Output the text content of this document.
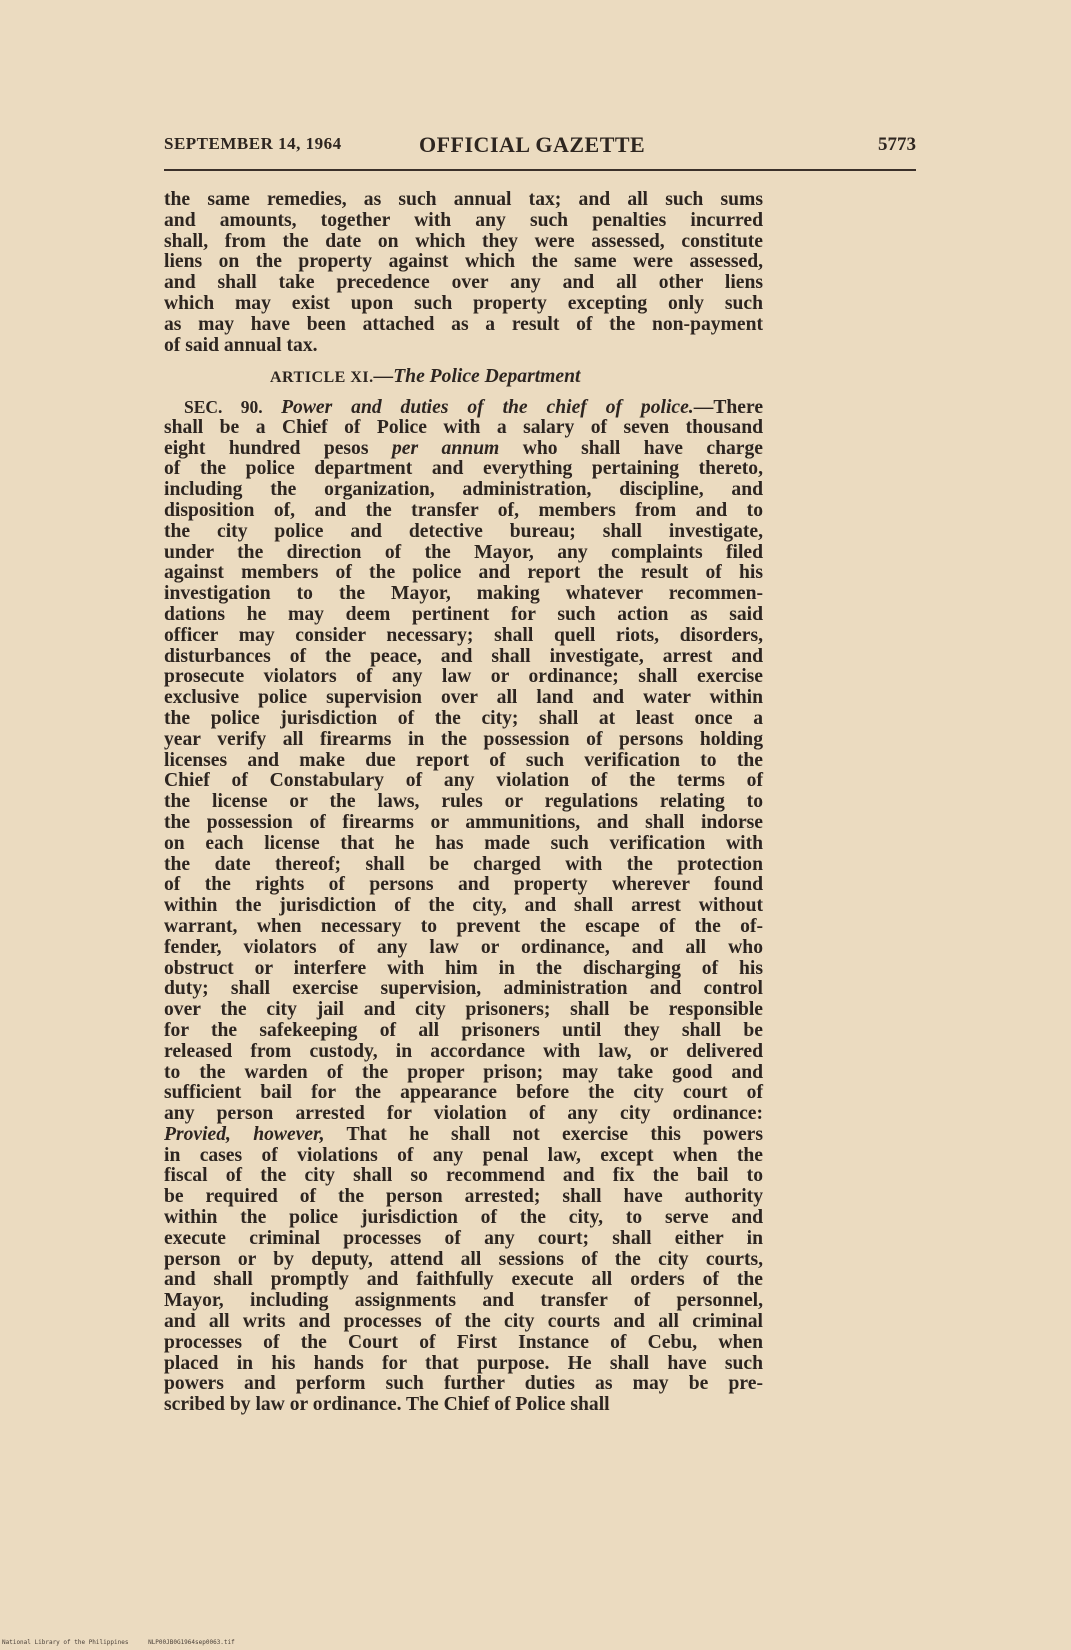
SEPTEMBER 14, 1964	OFFICIAL GAZETTE	5773
the same remedies, as such annual tax; and all such sums
and amounts, together with any such penalties incurred
shall, from the date on which they were assessed, constitute
liens on the property against which the same were assessed,
and shall take precedence over any and all other liens
which may exist upon such property excepting only such
as may have been attached as a result of the non-payment
of said annual tax.
ARTICLE XI.—The Police Department
SEC. 90. Power and duties of the chief of police.—There
shall be a Chief of Police with a salary of seven thousand
eight hundred pesos per annum who shall have charge
of the police department and everything pertaining thereto,
including the organization, administration, discipline, and
disposition of, and the transfer of, members from and to
the city police and detective bureau; shall investigate,
under the direction of the Mayor, any complaints filed
against members of the police and report the result of his
investigation to the Mayor, making whatever recommen-
dations he may deem pertinent for such action as said
officer may consider necessary; shall quell riots, disorders,
disturbances of the peace, and shall investigate, arrest and
prosecute violators of any law or ordinance; shall exercise
exclusive police supervision over all land and water within
the police jurisdiction of the city; shall at least once a
year verify all firearms in the possession of persons holding
licenses and make due report of such verification to the
Chief of Constabulary of any violation of the terms of
the license or the laws, rules or regulations relating to
the possession of firearms or ammunitions, and shall indorse
on each license that he has made such verification with
the date thereof; shall be charged with the protection
of the rights of persons and property wherever found
within the jurisdiction of the city, and shall arrest without
warrant, when necessary to prevent the escape of the of-
fender, violators of any law or ordinance, and all who
obstruct or interfere with him in the discharging of his
duty; shall exercise supervision, administration and control
over the city jail and city prisoners; shall be responsible
for the safekeeping of all prisoners until they shall be
released from custody, in accordance with law, or delivered
to the warden of the proper prison; may take good and
sufficient bail for the appearance before the city court of
any person arrested for violation of any city ordinance:
Provied, however, That he shall not exercise this powers
in cases of violations of any penal law, except when the
fiscal of the city shall so recommend and fix the bail to
be required of the person arrested; shall have authority
within the police jurisdiction of the city, to serve and
execute criminal processes of any court; shall either in
person or by deputy, attend all sessions of the city courts,
and shall promptly and faithfully execute all orders of the
Mayor, including assignments and transfer of personnel,
and all writs and processes of the city courts and all criminal
processes of the Court of First Instance of Cebu, when
placed in his hands for that purpose. He shall have such
powers and perform such further duties as may be pre-
scribed by law or ordinance. The Chief of Police shall
National Library of the Philippines	NLP00JB0G1964sep0063.tif
